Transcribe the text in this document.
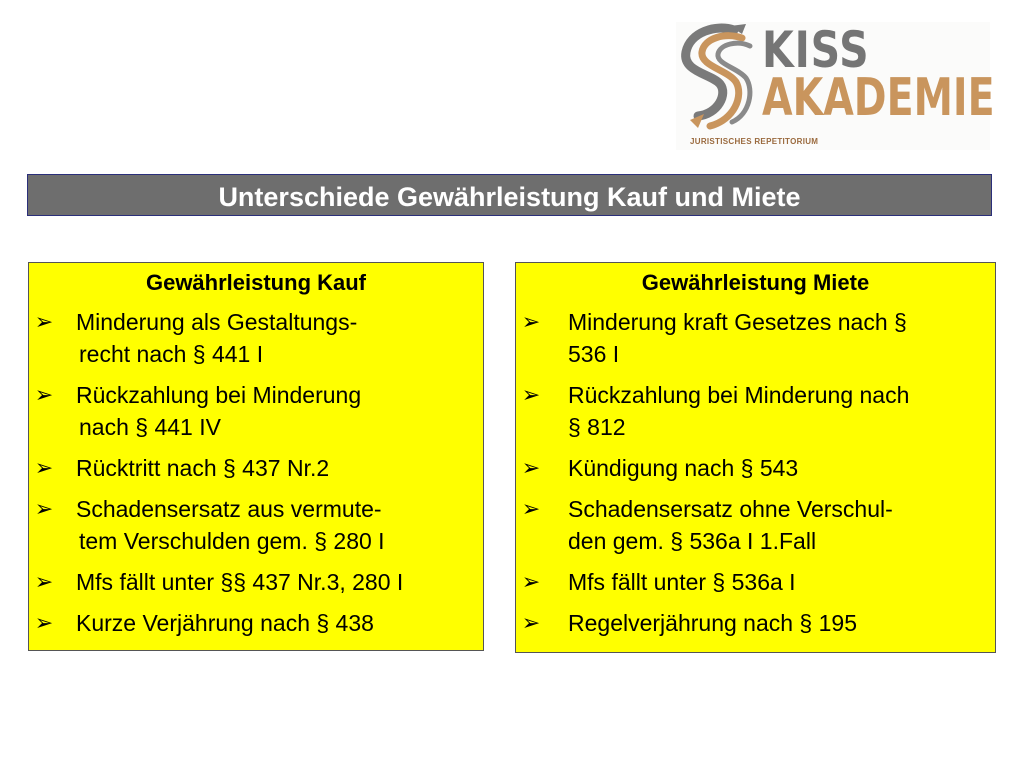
KISS
AKADEMIE
JURISTISCHES REPETITORIUM
Unterschiede Gewährleistung Kauf und Miete
Gewährleistung Kauf
➢ Minderung als Gestaltungs-
recht nach § 441 I
➢ Rückzahlung bei Minderung
nach § 441 IV
➢ Rücktritt nach § 437 Nr.2
➢ Schadensersatz aus vermute-
tem Verschulden gem. § 280 I
➢ Mfs fällt unter §§ 437 Nr.3, 280 I
➢ Kurze Verjährung nach § 438
Gewährleistung Miete
➢ Minderung kraft Gesetzes nach §
536 I
➢ Rückzahlung bei Minderung nach
§ 812
➢ Kündigung nach § 543
➢ Schadensersatz ohne Verschul-
den gem. § 536a I 1.Fall
➢ Mfs fällt unter § 536a I
➢ Regelverjährung nach § 195
